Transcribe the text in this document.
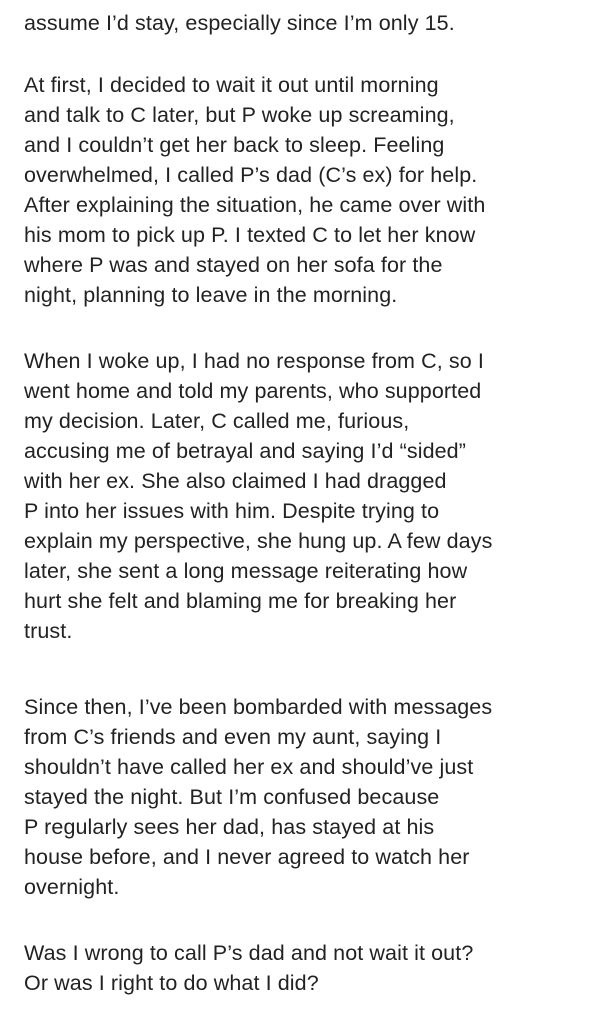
assume I’d stay, especially since I’m only 15.

At first, I decided to wait it out until morning

and talk to C later, but P woke up screaming,

and I couldn’t get her back to sleep. Feeling

overwhelmed, I called P’s dad (C’s ex) for help.

After explaining the situation, he came over with

his mom to pick up P. I texted C to let her know

where P was and stayed on her sofa for the

night, planning to leave in the morning.

When I woke up, I had no response from C, so I

went home and told my parents, who supported

my decision. Later, C called me, furious,

accusing me of betrayal and saying I’d “sided”

with her ex. She also claimed I had dragged

P into her issues with him. Despite trying to

explain my perspective, she hung up. A few days

later, she sent a long message reiterating how

hurt she felt and blaming me for breaking her

trust.

Since then, I’ve been bombarded with messages

from C’s friends and even my aunt, saying I

shouldn’t have called her ex and should’ve just

stayed the night. But I’m confused because

P regularly sees her dad, has stayed at his

house before, and I never agreed to watch her

overnight.

Was I wrong to call P’s dad and not wait it out?

Or was I right to do what I did?
